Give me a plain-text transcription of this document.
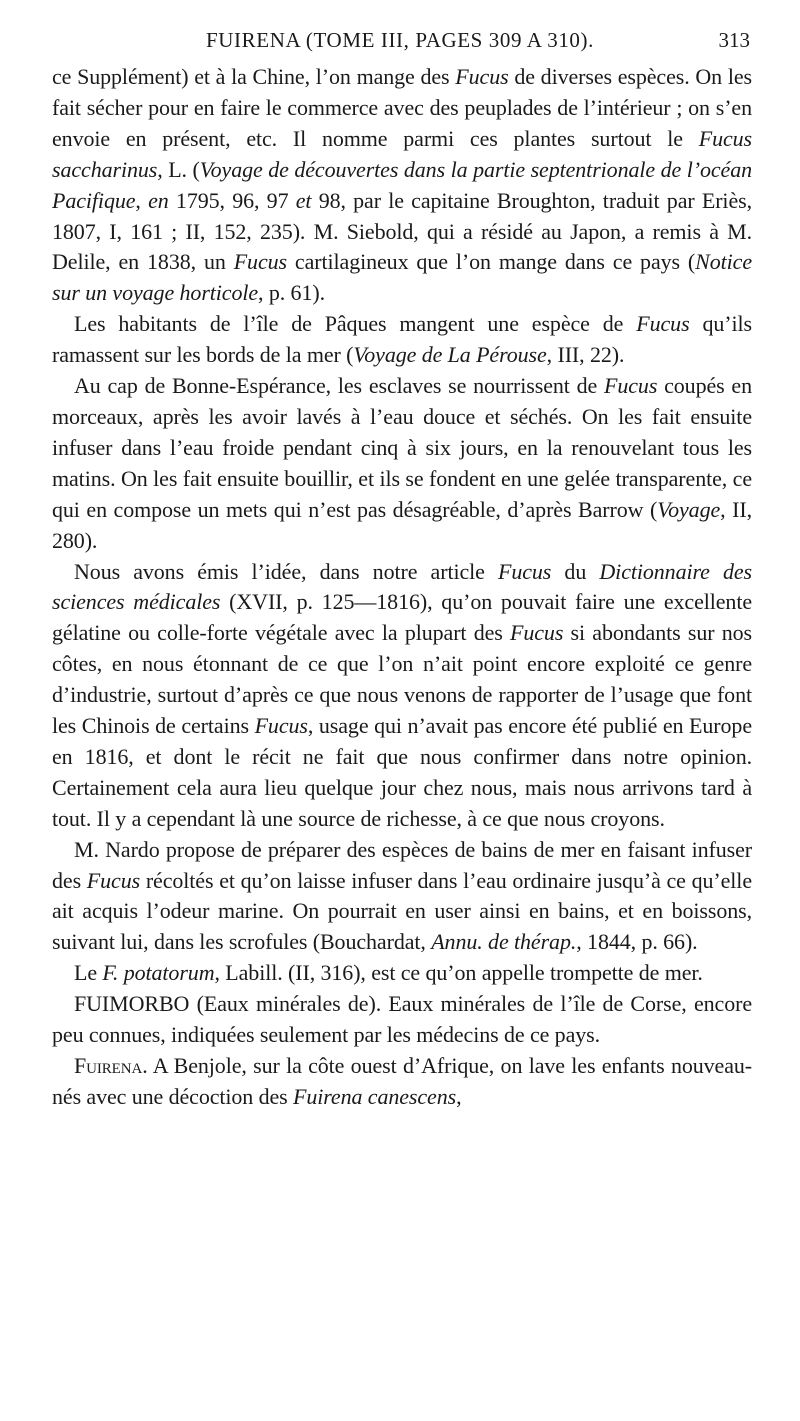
FUIRENA (TOME III, PAGES 309 A 310).	313

ce Supplément) et à la Chine, l’on mange des Fucus de diverses espèces. On les fait sécher pour en faire le commerce avec des peuplades de l’intérieur ; on s’en envoie en présent, etc. Il nomme parmi ces plantes surtout le Fucus saccharinus, L. (Voyage de découvertes dans la partie septentrionale de l’océan Pacifique, en 1795, 96, 97 et 98, par le capitaine Broughton, traduit par Eriès, 1807, I, 161 ; II, 152, 235). M. Siebold, qui a résidé au Japon, a remis à M. Delile, en 1838, un Fucus cartilagineux que l’on mange dans ce pays (Notice sur un voyage horticole, p. 61).

Les habitants de l’île de Pâques mangent une espèce de Fucus qu’ils ramassent sur les bords de la mer (Voyage de La Pérouse, III, 22).

Au cap de Bonne-Espérance, les esclaves se nourrissent de Fucus coupés en morceaux, après les avoir lavés à l’eau douce et séchés. On les fait ensuite infuser dans l’eau froide pendant cinq à six jours, en la renouvelant tous les matins. On les fait ensuite bouillir, et ils se fondent en une gelée transparente, ce qui en compose un mets qui n’est pas désagréable, d’après Barrow (Voyage, II, 280).

Nous avons émis l’idée, dans notre article Fucus du Dictionnaire des sciences médicales (XVII, p. 125—1816), qu’on pouvait faire une excellente gélatine ou colle-forte végétale avec la plupart des Fucus si abondants sur nos côtes, en nous étonnant de ce que l’on n’ait point encore exploité ce genre d’industrie, surtout d’après ce que nous venons de rapporter de l’usage que font les Chinois de certains Fucus, usage qui n’avait pas encore été publié en Europe en 1816, et dont le récit ne fait que nous confirmer dans notre opinion. Certainement cela aura lieu quelque jour chez nous, mais nous arrivons tard à tout. Il y a cependant là une source de richesse, à ce que nous croyons.

M. Nardo propose de préparer des espèces de bains de mer en faisant infuser des Fucus récoltés et qu’on laisse infuser dans l’eau ordinaire jusqu’à ce qu’elle ait acquis l’odeur marine. On pourrait en user ainsi en bains, et en boissons, suivant lui, dans les scrofules (Bouchardat, Annu. de thérap., 1844, p. 66).

Le F. potatorum, Labill. (II, 316), est ce qu’on appelle trompette de mer.

FUIMORBO (Eaux minérales de). Eaux minérales de l’île de Corse, encore peu connues, indiquées seulement par les médecins de ce pays.

Fuirena. A Benjole, sur la côte ouest d’Afrique, on lave les enfants nouveau-nés avec une décoction des Fuirena canescens,
